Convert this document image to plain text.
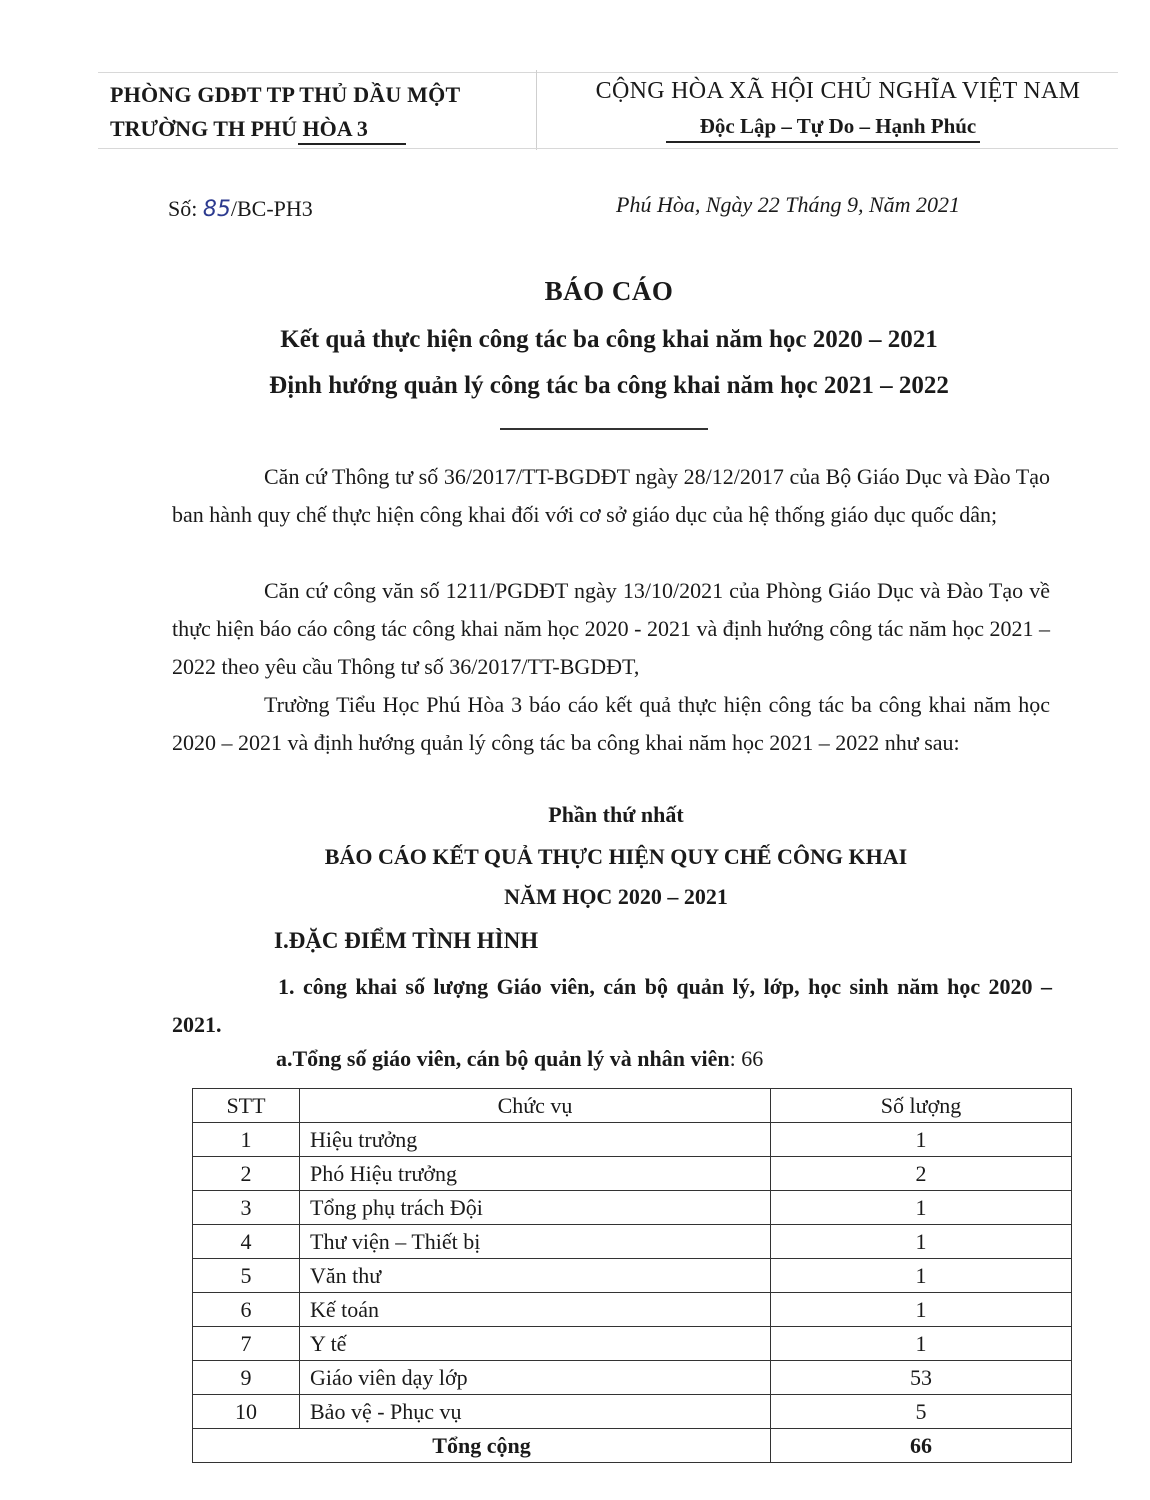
PHÒNG GDĐT TP THỦ DẦU MỘT
TRƯỜNG TH PHÚ HÒA 3
CỘNG HÒA XÃ HỘI CHỦ NGHĨA VIỆT NAM
Độc Lập – Tự Do – Hạnh Phúc
Số: 85/BC-PH3	Phú Hòa, Ngày 22 Tháng 9, Năm 2021
BÁO CÁO
Kết quả thực hiện công tác ba công khai năm học 2020 – 2021
Định hướng quản lý công tác ba công khai năm học 2021 – 2022
Căn cứ Thông tư số 36/2017/TT-BGDĐT ngày 28/12/2017 của Bộ Giáo Dục và Đào Tạo ban hành quy chế thực hiện công khai đối với cơ sở giáo dục của hệ thống giáo dục quốc dân;
Căn cứ công văn số 1211/PGDĐT ngày 13/10/2021 của Phòng Giáo Dục và Đào Tạo về thực hiện báo cáo công tác công khai năm học 2020 - 2021 và định hướng công tác năm học 2021 – 2022 theo yêu cầu Thông tư số 36/2017/TT-BGDĐT,
Trường Tiểu Học Phú Hòa 3 báo cáo kết quả thực hiện công tác ba công khai năm học 2020 – 2021 và định hướng quản lý công tác ba công khai năm học 2021 – 2022 như sau:
Phần thứ nhất
BÁO CÁO KẾT QUẢ THỰC HIỆN QUY CHẾ CÔNG KHAI
NĂM HỌC 2020 – 2021
I.ĐẶC ĐIỂM TÌNH HÌNH
1. công khai số lượng Giáo viên, cán bộ quản lý, lớp, học sinh năm học 2020 – 2021.
a.Tổng số giáo viên, cán bộ quản lý và nhân viên: 66
STT	Chức vụ	Số lượng
1	Hiệu trưởng	1
2	Phó Hiệu trưởng	2
3	Tổng phụ trách Đội	1
4	Thư viện – Thiết bị	1
5	Văn thư	1
6	Kế toán	1
7	Y tế	1
9	Giáo viên dạy lớp	53
10	Bảo vệ - Phục vụ	5
Tổng cộng		66
